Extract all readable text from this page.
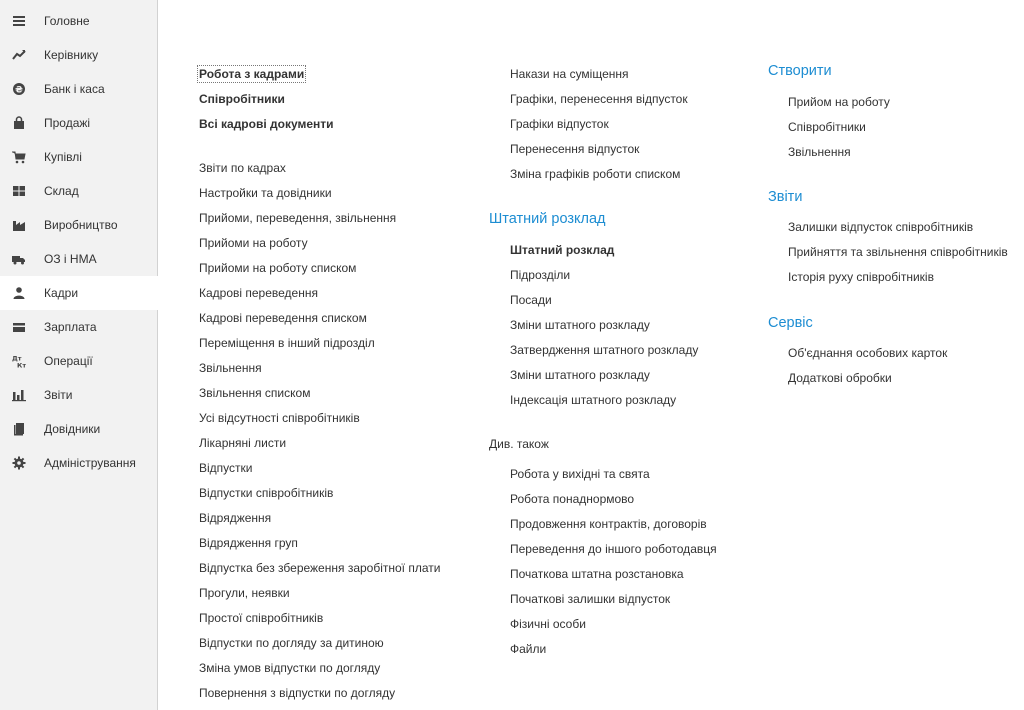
Головне
Керівнику
₴ Банк і каса
Продажі
Купівлі
Склад
Виробництво
ОЗ і НМА
Кадри
Зарплата
Дт
Кт Операції
Звіти
Довідники
Адміністрування
Робота з кадрами
Співробітники
Всі кадрові документи
Звіти по кадрах
Настройки та довідники
Прийоми, переведення, звільнення
Прийоми на роботу
Прийоми на роботу списком
Кадрові переведення
Кадрові переведення списком
Переміщення в інший підрозділ
Звільнення
Звільнення списком
Усі відсутності співробітників
Лікарняні листи
Відпустки
Відпустки співробітників
Відрядження
Відрядження груп
Відпустка без збереження заробітної плати
Прогули, неявки
Простої співробітників
Відпустки по догляду за дитиною
Зміна умов відпустки по догляду
Повернення з відпустки по догляду
Накази на суміщення
Графіки, перенесення відпусток
Графіки відпусток
Перенесення відпусток
Зміна графіків роботи списком
Штатний розклад
Штатний розклад
Підрозділи
Посади
Зміни штатного розкладу
Затвердження штатного розкладу
Зміни штатного розкладу
Індексація штатного розкладу
Див. також
Робота у вихідні та свята
Робота понаднормово
Продовження контрактів, договорів
Переведення до іншого роботодавця
Початкова штатна розстановка
Початкові залишки відпусток
Фізичні особи
Файли
Створити
Прийом на роботу
Співробітники
Звільнення
Звіти
Залишки відпусток співробітників
Прийняття та звільнення співробітників
Історія руху співробітників
Сервіс
Об'єднання особових карток
Додаткові обробки
